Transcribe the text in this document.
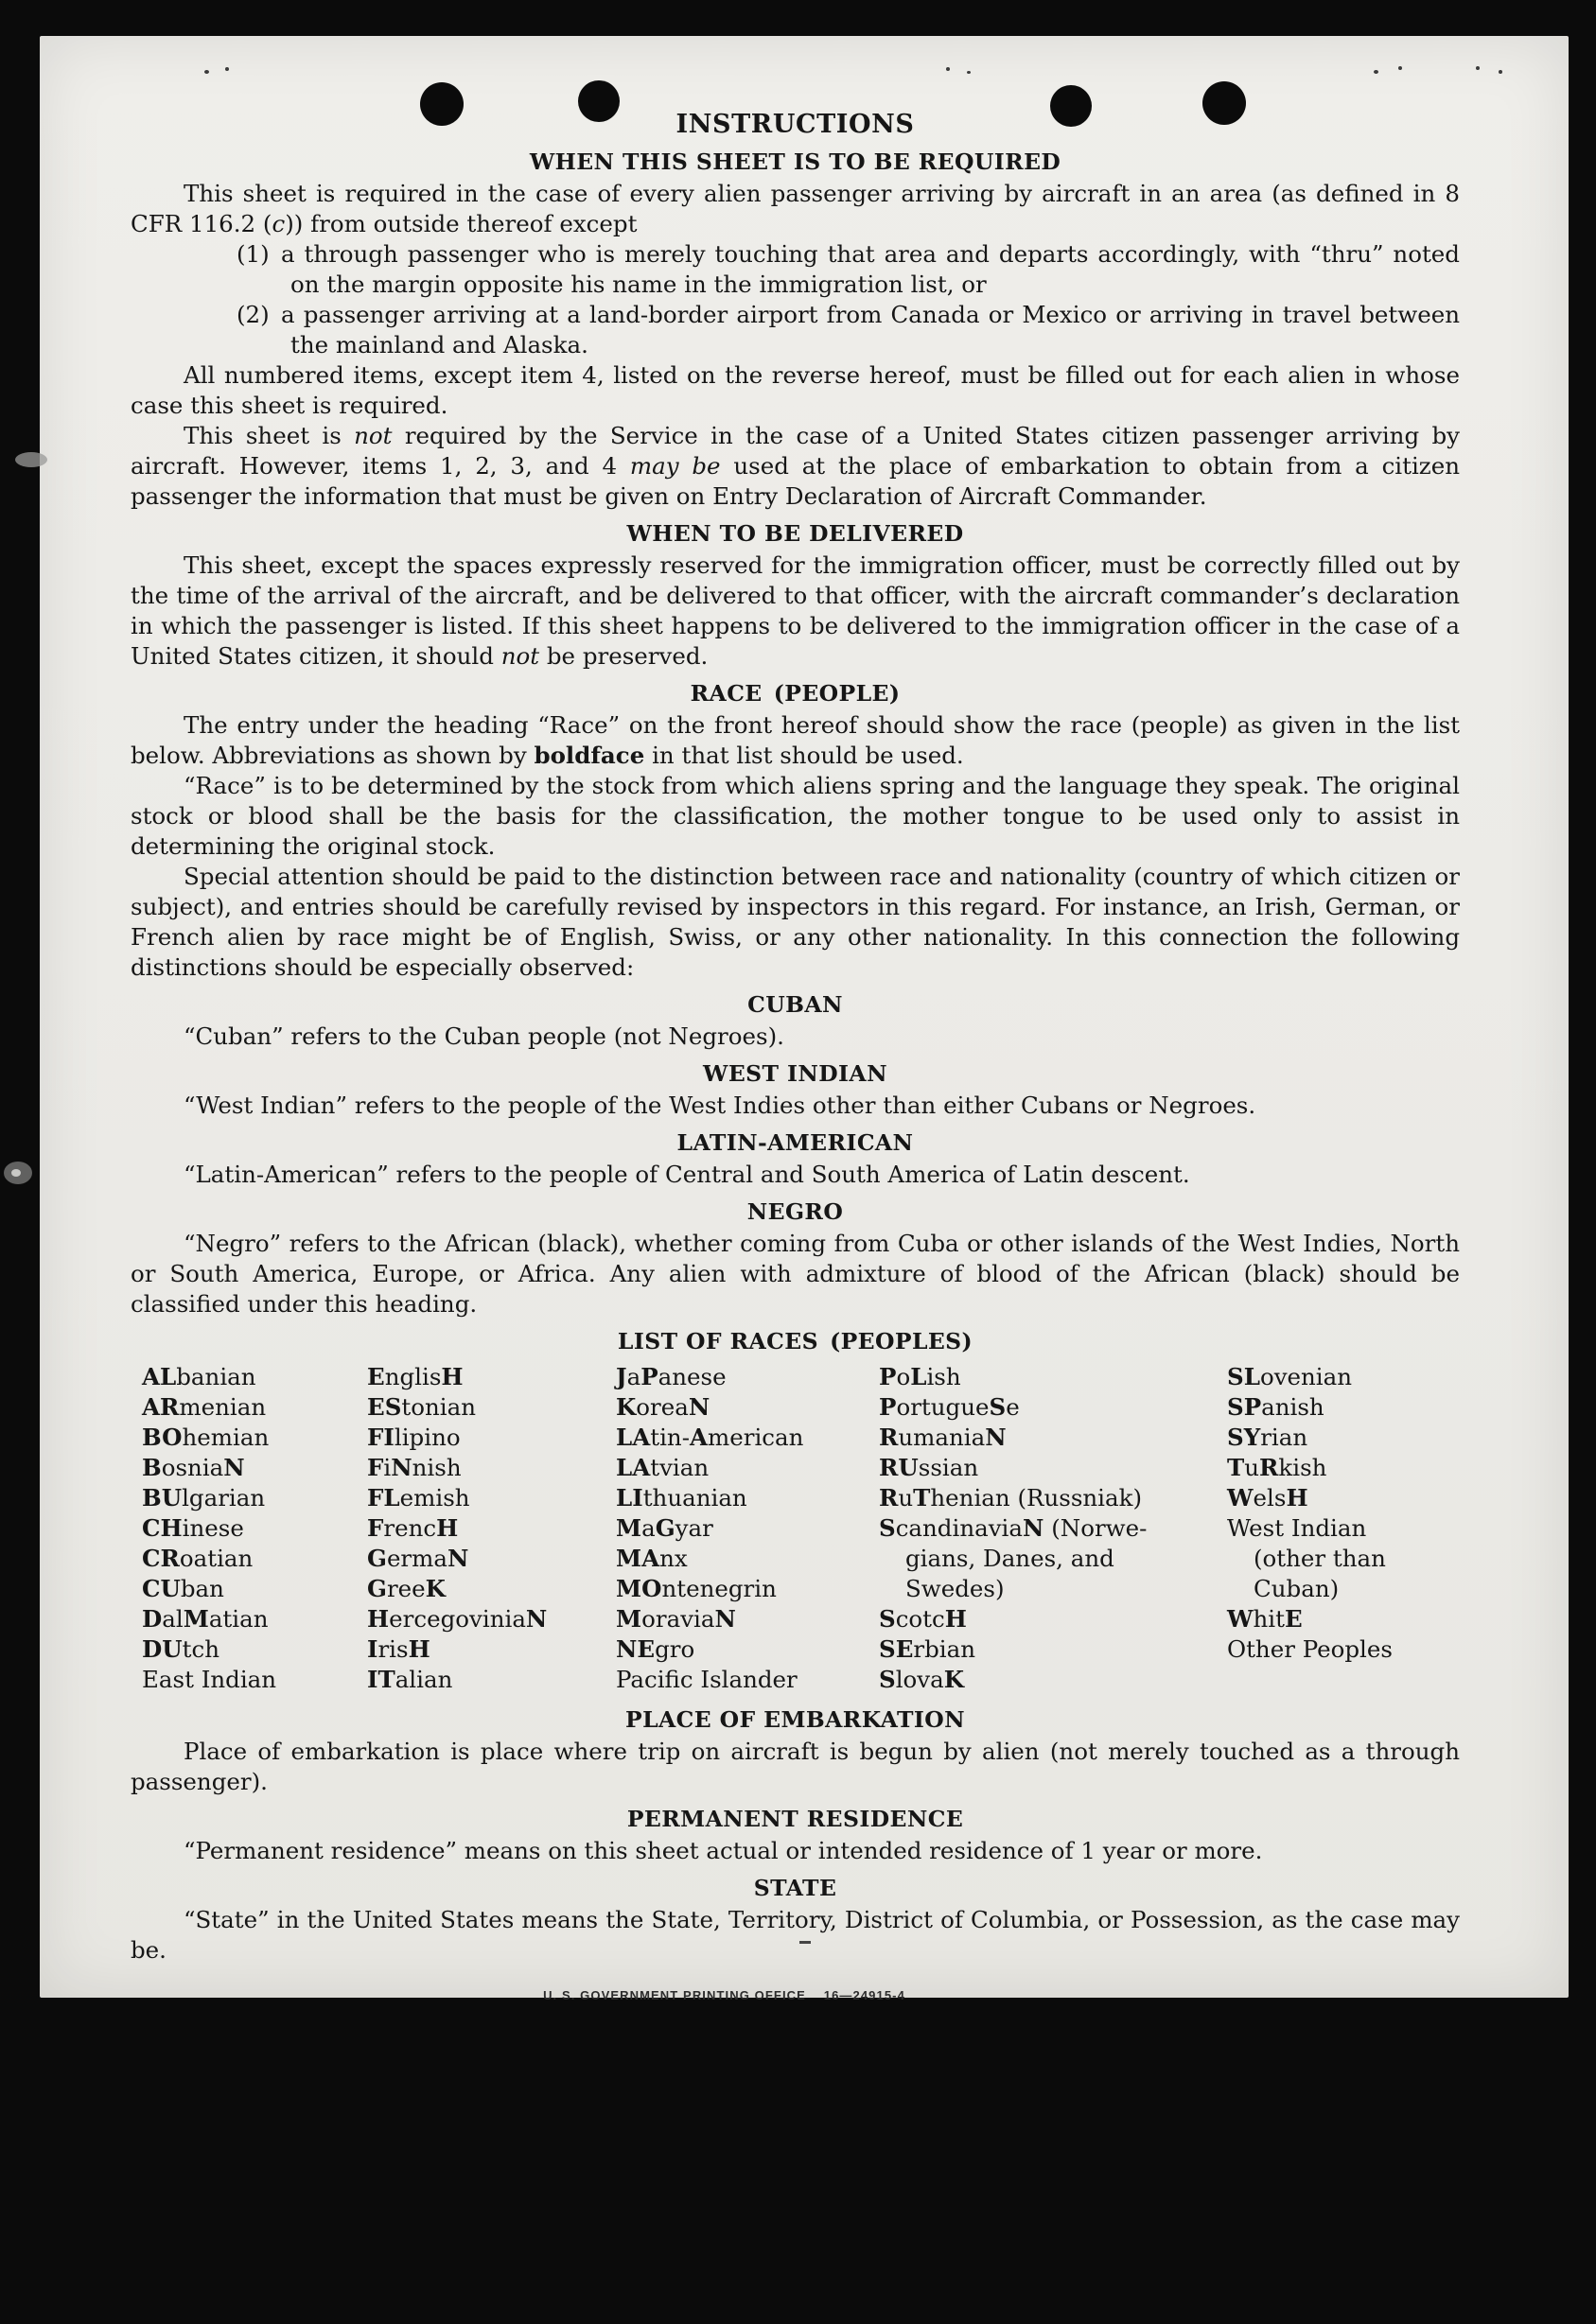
INSTRUCTIONS
WHEN THIS SHEET IS TO BE REQUIRED
This sheet is required in the case of every alien passenger arriving by aircraft in an area (as defined in 8 CFR 116.2 (c)) from outside thereof except
(1) a through passenger who is merely touching that area and departs accordingly, with “thru” noted on the margin opposite his name in the immigration list, or
(2) a passenger arriving at a land-border airport from Canada or Mexico or arriving in travel between the mainland and Alaska.
All numbered items, except item 4, listed on the reverse hereof, must be filled out for each alien in whose case this sheet is required.
This sheet is not required by the Service in the case of a United States citizen passenger arriving by aircraft. However, items 1, 2, 3, and 4 may be used at the place of embarkation to obtain from a citizen passenger the information that must be given on Entry Declaration of Aircraft Commander.
WHEN TO BE DELIVERED
This sheet, except the spaces expressly reserved for the immigration officer, must be correctly filled out by the time of the arrival of the aircraft, and be delivered to that officer, with the aircraft commander’s declaration in which the passenger is listed. If this sheet happens to be delivered to the immigration officer in the case of a United States citizen, it should not be preserved.
RACE (PEOPLE)
The entry under the heading “Race” on the front hereof should show the race (people) as given in the list below. Abbreviations as shown by boldface in that list should be used.
“Race” is to be determined by the stock from which aliens spring and the language they speak. The original stock or blood shall be the basis for the classification, the mother tongue to be used only to assist in determining the original stock.
Special attention should be paid to the distinction between race and nationality (country of which citizen or subject), and entries should be carefully revised by inspectors in this regard. For instance, an Irish, German, or French alien by race might be of English, Swiss, or any other nationality. In this connection the following distinctions should be especially observed:
CUBAN
“Cuban” refers to the Cuban people (not Negroes).
WEST INDIAN
“West Indian” refers to the people of the West Indies other than either Cubans or Negroes.
LATIN-AMERICAN
“Latin-American” refers to the people of Central and South America of Latin descent.
NEGRO
“Negro” refers to the African (black), whether coming from Cuba or other islands of the West Indies, North or South America, Europe, or Africa. Any alien with admixture of blood of the African (black) should be classified under this heading.
LIST OF RACES (PEOPLES)
ALbanian
ARmenian
BOhemian
BosniaN
BUlgarian
CHinese
CRoatian
CUban
DalMatian
DUtch
East Indian
EnglisH
EStonian
FIlipino
FiNnish
FLemish
FrencH
GermaN
GreeK
HercegoviniaN
IrisH
ITalian
JaPanese
KoreaN
LAtin-American
LAtvian
LIthuanian
MaGyar
MAnx
MOntenegrin
MoraviaN
NEgro
Pacific Islander
PoLish
PortugueSe
RumaniaN
RUssian
RuThenian (Russniak)
ScandinaviaN (Norwegians, Danes, and Swedes)
ScotcH
SErbian
SlovaK
SLovenian
SPanish
SYrian
TuRkish
WelsH
West Indian (other than Cuban)
WhitE
Other Peoples
PLACE OF EMBARKATION
Place of embarkation is place where trip on aircraft is begun by alien (not merely touched as a through passenger).
PERMANENT RESIDENCE
“Permanent residence” means on this sheet actual or intended residence of 1 year or more.
STATE
“State” in the United States means the State, Territory, District of Columbia, or Possession, as the case may be.
U. S. GOVERNMENT PRINTING OFFICE  16—24915-4
